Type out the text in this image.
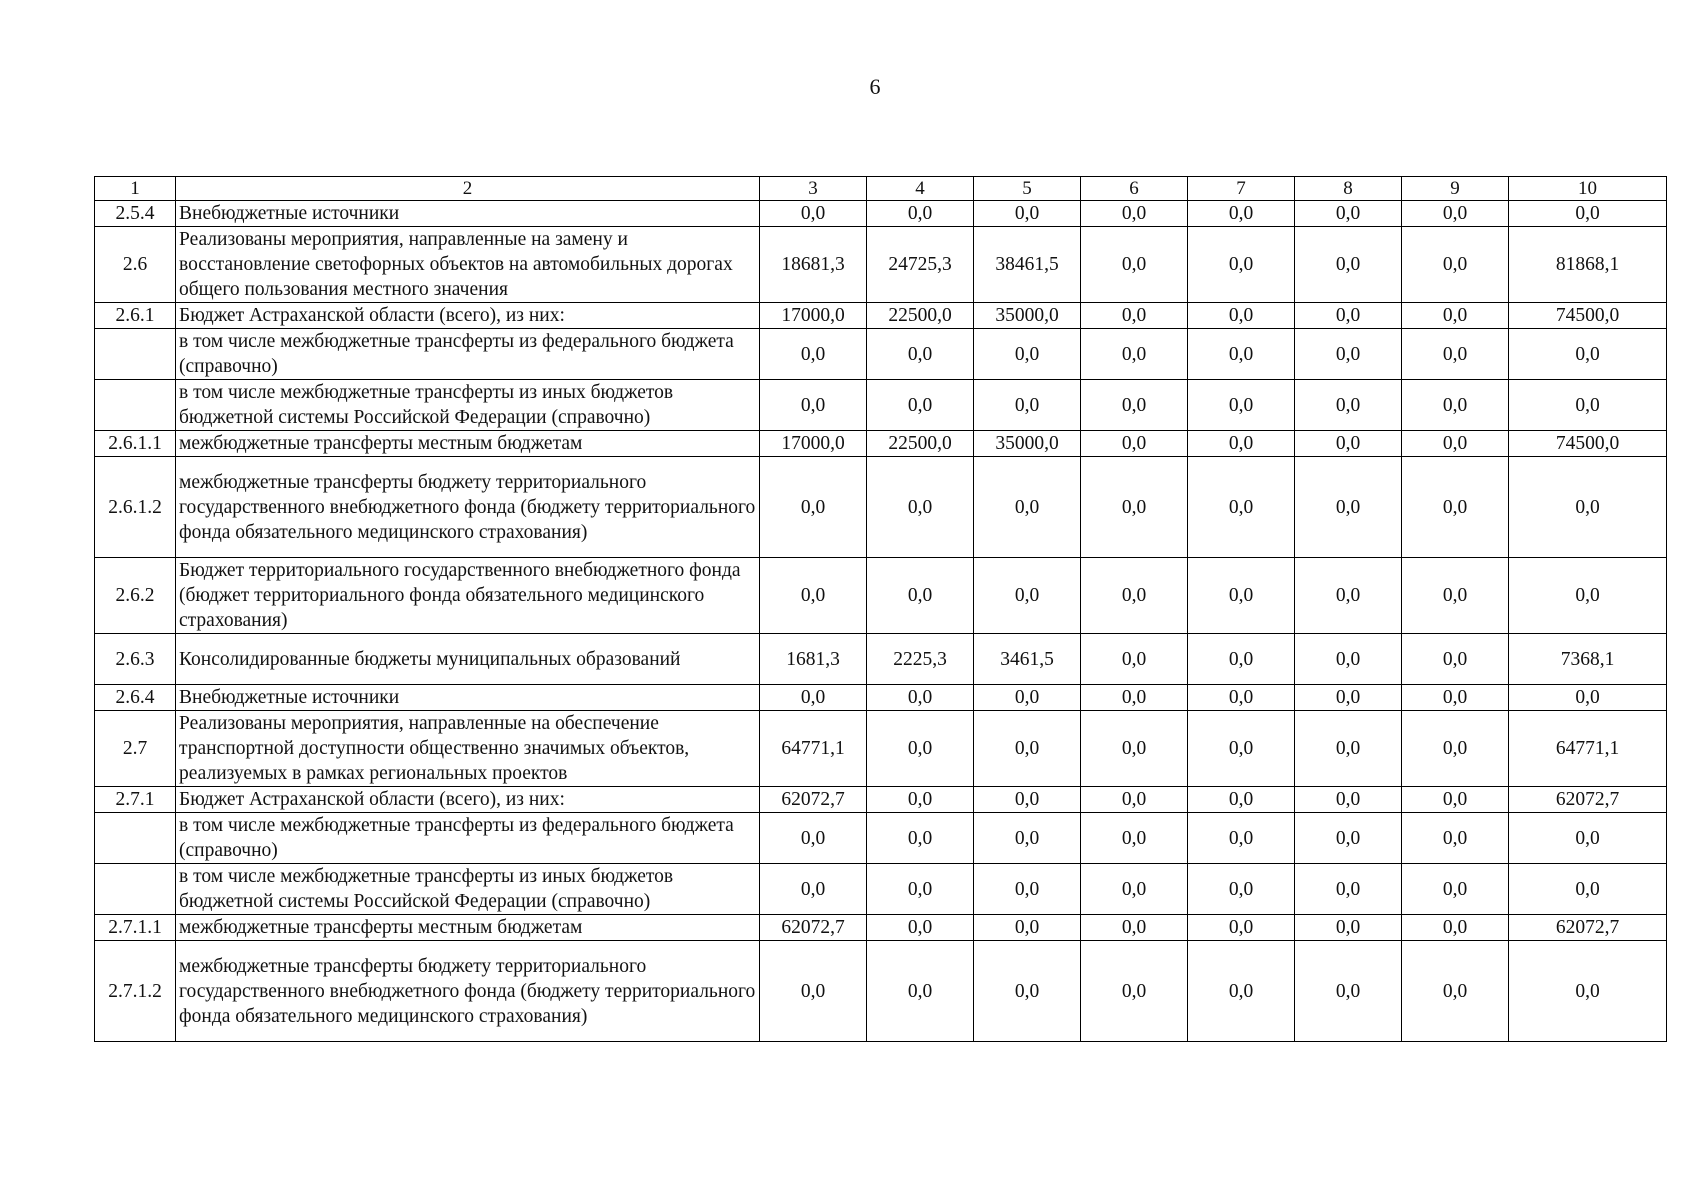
6
1	2	3	4	5	6	7	8	9	10
2.5.4	Внебюджетные источники	0,0	0,0	0,0	0,0	0,0	0,0	0,0	0,0
2.6	Реализованы мероприятия, направленные на замену и восстановление светофорных объектов на автомобильных дорогах общего пользования местного значения	18681,3	24725,3	38461,5	0,0	0,0	0,0	0,0	81868,1
2.6.1	Бюджет Астраханской области (всего), из них:	17000,0	22500,0	35000,0	0,0	0,0	0,0	0,0	74500,0
	в том числе межбюджетные трансферты из федерального бюджета (справочно)	0,0	0,0	0,0	0,0	0,0	0,0	0,0	0,0
	в том числе межбюджетные трансферты из иных бюджетов бюджетной системы Российской Федерации (справочно)	0,0	0,0	0,0	0,0	0,0	0,0	0,0	0,0
2.6.1.1	межбюджетные трансферты местным бюджетам	17000,0	22500,0	35000,0	0,0	0,0	0,0	0,0	74500,0
2.6.1.2	межбюджетные трансферты бюджету территориального государственного внебюджетного фонда (бюджету территориального фонда обязательного медицинского страхования)	0,0	0,0	0,0	0,0	0,0	0,0	0,0	0,0
2.6.2	Бюджет территориального государственного внебюджетного фонда (бюджет территориального фонда обязательного медицинского страхования)	0,0	0,0	0,0	0,0	0,0	0,0	0,0	0,0
2.6.3	Консолидированные бюджеты муниципальных образований	1681,3	2225,3	3461,5	0,0	0,0	0,0	0,0	7368,1
2.6.4	Внебюджетные источники	0,0	0,0	0,0	0,0	0,0	0,0	0,0	0,0
2.7	Реализованы мероприятия, направленные на обеспечение транспортной доступности общественно значимых объектов, реализуемых в рамках региональных проектов	64771,1	0,0	0,0	0,0	0,0	0,0	0,0	64771,1
2.7.1	Бюджет Астраханской области (всего), из них:	62072,7	0,0	0,0	0,0	0,0	0,0	0,0	62072,7
	в том числе межбюджетные трансферты из федерального бюджета (справочно)	0,0	0,0	0,0	0,0	0,0	0,0	0,0	0,0
	в том числе межбюджетные трансферты из иных бюджетов бюджетной системы Российской Федерации (справочно)	0,0	0,0	0,0	0,0	0,0	0,0	0,0	0,0
2.7.1.1	межбюджетные трансферты местным бюджетам	62072,7	0,0	0,0	0,0	0,0	0,0	0,0	62072,7
2.7.1.2	межбюджетные трансферты бюджету территориального государственного внебюджетного фонда (бюджету территориального фонда обязательного медицинского страхования)	0,0	0,0	0,0	0,0	0,0	0,0	0,0	0,0
